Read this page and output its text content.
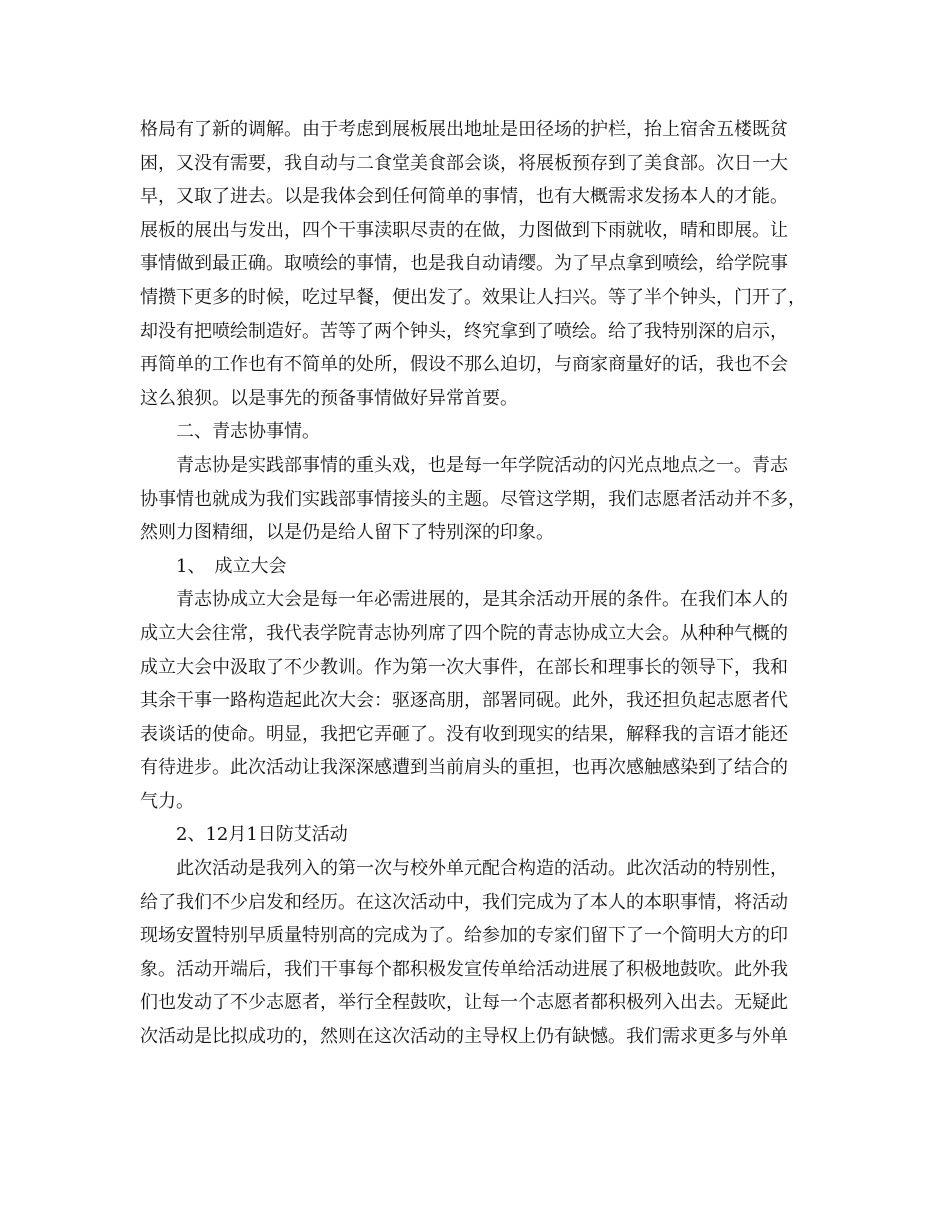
格局有了新的调解。由于考虑到展板展出地址是田径场的护栏，抬上宿舍五楼既贫
困，又没有需要，我自动与二食堂美食部会谈，将展板预存到了美食部。次日一大
早，又取了进去。以是我体会到任何简单的事情，也有大概需求发扬本人的才能。
展板的展出与发出，四个干事渎职尽责的在做，力图做到下雨就收，晴和即展。让
事情做到最正确。取喷绘的事情，也是我自动请缨。为了早点拿到喷绘，给学院事
情攒下更多的时候，吃过早餐，便出发了。效果让人扫兴。等了半个钟头，门开了，
却没有把喷绘制造好。苦等了两个钟头，终究拿到了喷绘。给了我特别深的启示，
再简单的工作也有不简单的处所，假设不那么迫切，与商家商量好的话，我也不会
这么狼狈。以是事先的预备事情做好异常首要。
二、青志协事情。
青志协是实践部事情的重头戏，也是每一年学院活动的闪光点地点之一。青志
协事情也就成为我们实践部事情接头的主题。尽管这学期，我们志愿者活动并不多，
然则力图精细，以是仍是给人留下了特别深的印象。
1、　成立大会
青志协成立大会是每一年必需进展的，是其余活动开展的条件。在我们本人的
成立大会往常，我代表学院青志协列席了四个院的青志协成立大会。从种种气概的
成立大会中汲取了不少教训。作为第一次大事件，在部长和理事长的领导下，我和
其余干事一路构造起此次大会：驱逐高朋，部署同砚。此外，我还担负起志愿者代
表谈话的使命。明显，我把它弄砸了。没有收到现实的结果，解释我的言语才能还
有待进步。此次活动让我深深感遭到当前肩头的重担，也再次感触感染到了结合的
气力。
2、12月1日防艾活动
此次活动是我列入的第一次与校外单元配合构造的活动。此次活动的特别性，
给了我们不少启发和经历。在这次活动中，我们完成为了本人的本职事情，将活动
现场安置特别早质量特别高的完成为了。给参加的专家们留下了一个简明大方的印
象。活动开端后，我们干事每个都积极发宣传单给活动进展了积极地鼓吹。此外我
们也发动了不少志愿者，举行全程鼓吹，让每一个志愿者都积极列入出去。无疑此
次活动是比拟成功的，然则在这次活动的主导权上仍有缺憾。我们需求更多与外单
